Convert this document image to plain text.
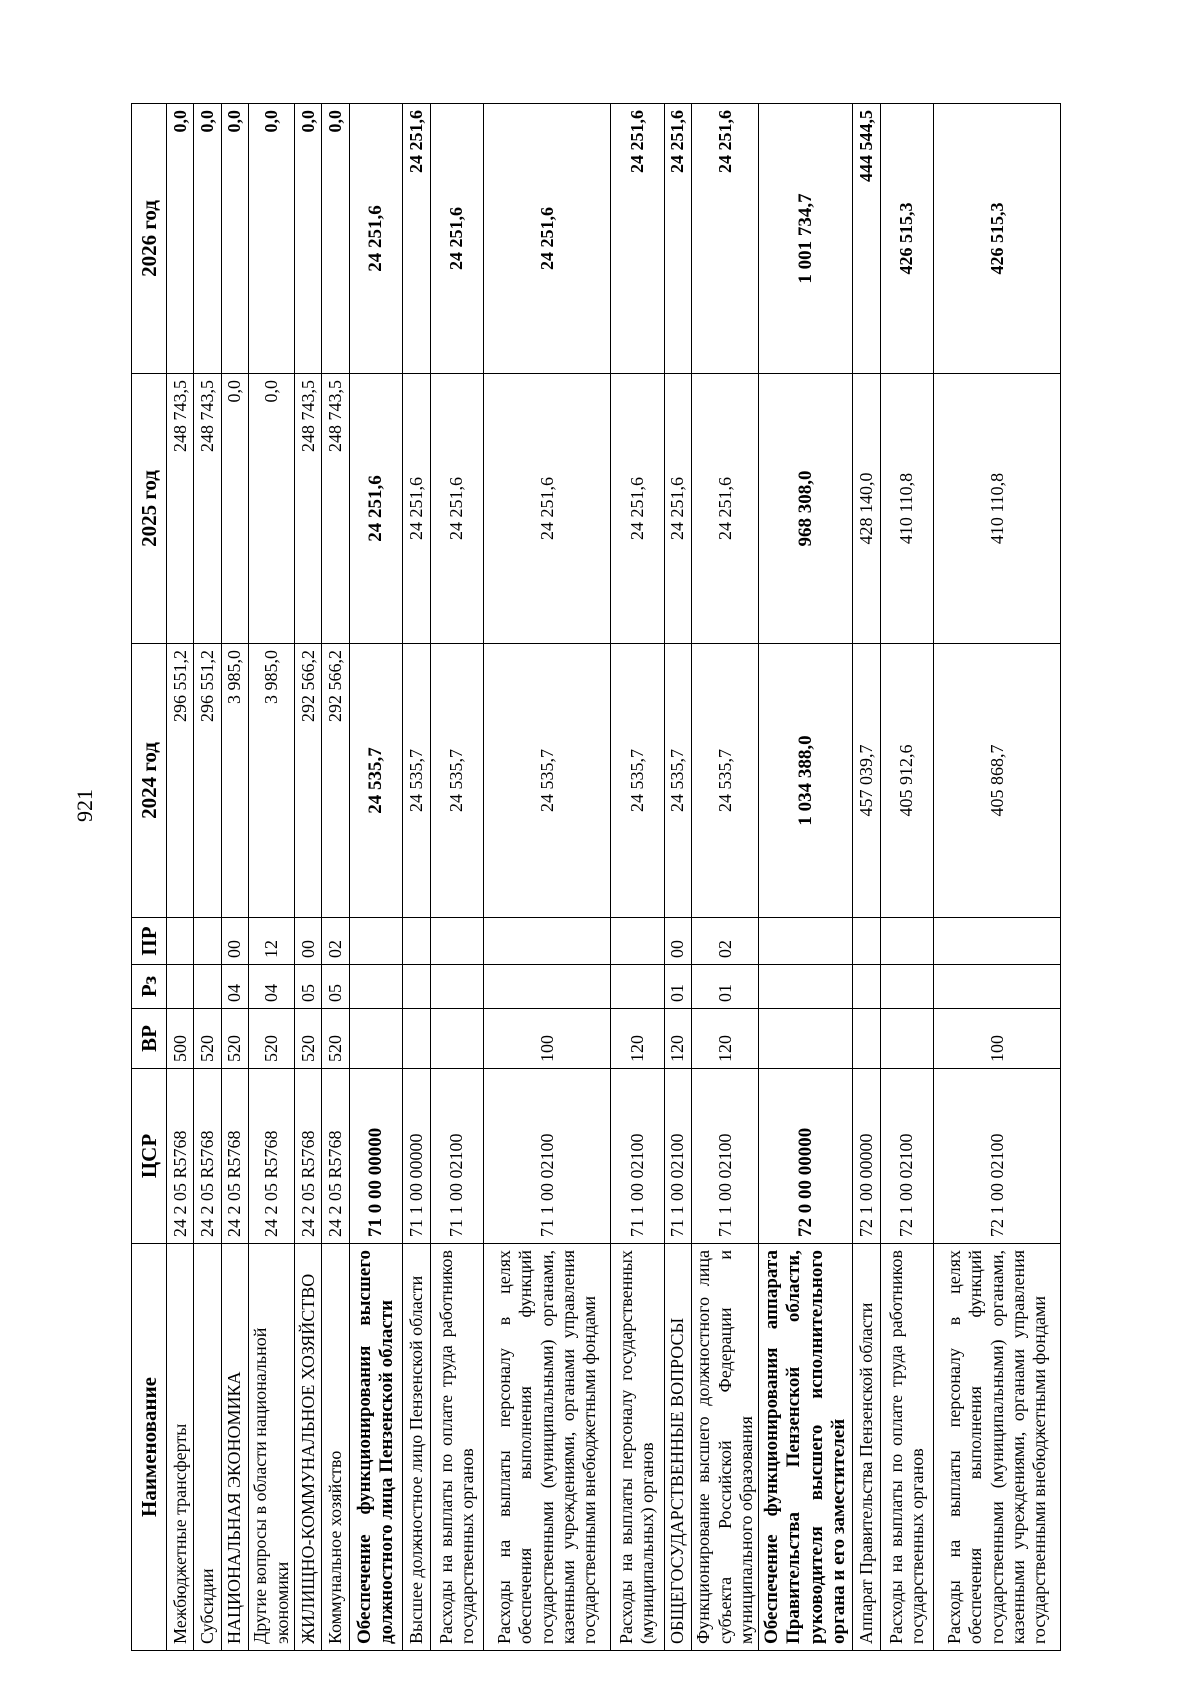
921
Наименование	ЦСР	ВР	Рз	ПР	2024 год	2025 год	2026 год
Межбюджетные трансферты	24 2 05 R5768	500			296 551,2	248 743,5	0,0
Субсидии	24 2 05 R5768	520			296 551,2	248 743,5	0,0
НАЦИОНАЛЬНАЯ ЭКОНОМИКА	24 2 05 R5768	520	04	00	3 985,0	0,0	0,0
Другие вопросы в области национальной экономики	24 2 05 R5768	520	04	12	3 985,0	0,0	0,0
ЖИЛИЩНО-КОММУНАЛЬНОЕ ХОЗЯЙСТВО	24 2 05 R5768	520	05	00	292 566,2	248 743,5	0,0
Коммунальное хозяйство	24 2 05 R5768	520	05	02	292 566,2	248 743,5	0,0
Обеспечение функционирования высшего должностного лица Пензенской области	71 0 00 00000				24 535,7	24 251,6	24 251,6
Высшее должностное лицо Пензенской области	71 1 00 00000				24 535,7	24 251,6	24 251,6
Расходы на выплаты по оплате труда работников государственных органов	71 1 00 02100				24 535,7	24 251,6	24 251,6
Расходы на выплаты персоналу в целях обеспечения выполнения функций государственными (муниципальными) органами, казенными учреждениями, органами управления государственными внебюджетными фондами	71 1 00 02100	100			24 535,7	24 251,6	24 251,6
Расходы на выплаты персоналу государственных (муниципальных) органов	71 1 00 02100	120			24 535,7	24 251,6	24 251,6
ОБЩЕГОСУДАРСТВЕННЫЕ ВОПРОСЫ	71 1 00 02100	120	01	00	24 535,7	24 251,6	24 251,6
Функционирование высшего должностного лица субъекта Российской Федерации и муниципального образования	71 1 00 02100	120	01	02	24 535,7	24 251,6	24 251,6
Обеспечение функционирования аппарата Правительства Пензенской области, руководителя высшего исполнительного органа и его заместителей	72 0 00 00000				1 034 388,0	968 308,0	1 001 734,7
Аппарат Правительства Пензенской области	72 1 00 00000				457 039,7	428 140,0	444 544,5
Расходы на выплаты по оплате труда работников государственных органов	72 1 00 02100				405 912,6	410 110,8	426 515,3
Расходы на выплаты персоналу в целях обеспечения выполнения функций государственными (муниципальными) органами, казенными учреждениями, органами управления государственными внебюджетными фондами	72 1 00 02100	100			405 868,7	410 110,8	426 515,3
